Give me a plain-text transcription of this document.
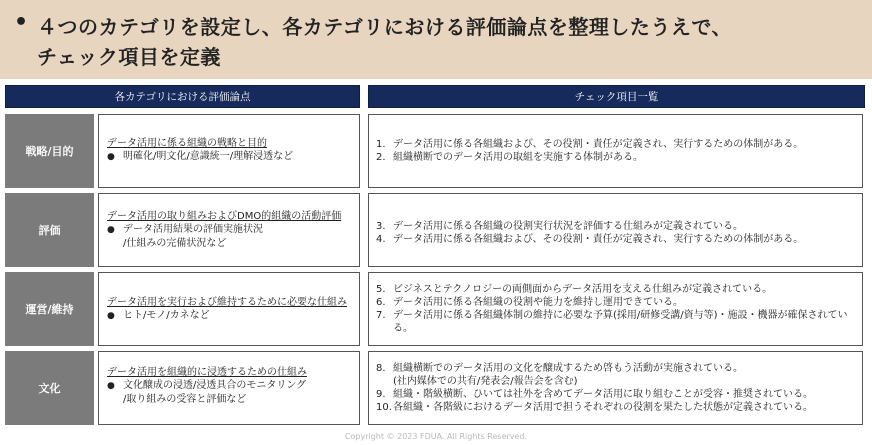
• ４つのカテゴリを設定し、各カテゴリにおける評価論点を整理したうえで、
チェック項目を定義
各カテゴリにおける評価論点	チェック項目一覧
戦略/目的
データ活用に係る組織の戦略と目的
● 明確化/明文化/意識統一/理解浸透など
1. データ活用に係る各組織および、その役割・責任が定義され、実行するための体制がある。
2. 組織横断でのデータ活用の取組を実施する体制がある。
評価
データ活用の取り組みおよびDMO的組織の活動評価
● データ活用結果の評価実施状況
/仕組みの完備状況など
3. データ活用に係る各組織の役割実行状況を評価する仕組みが定義されている。
4. データ活用に係る各組織および、その役割・責任が定義され、実行するための体制がある。
運営/維持
データ活用を実行および維持するために必要な仕組み
● ヒト/モノ/カネなど
5. ビジネスとテクノロジーの両側面からデータ活用を支える仕組みが定義されている。
6. データ活用に係る各組織の役割や能力を維持し運用できている。
7. データ活用に係る各組織体制の維持に必要な予算(採用/研修受講/資与等)・施設・機器が確保されている。
文化
データ活用を組織的に浸透するための仕組み
● 文化醸成の浸透/浸透具合のモニタリング
/取り組みの受容と評価など
8. 組織横断でのデータ活用の文化を醸成するため啓もう活動が実施されている。
(社内媒体での共有/発表会/報告会を含む)
9. 組織・階級横断、ひいては社外を含めてデータ活用に取り組むことが受容・推奨されている。
10. 各組織・各階級におけるデータ活用で担うそれぞれの役割を果たした状態が定義されている。
Copyright © 2023 FDUA. All Rights Reserved.
